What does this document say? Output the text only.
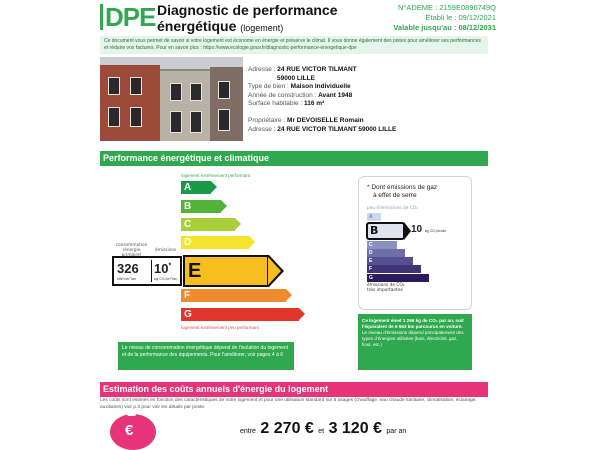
DPE Diagnostic de performance
énergétique (logement)
N°ADEME : 2159E0896749Q
Établi le : 09/12/2021
Valable jusqu'au : 08/12/2031
Ce document vous permet de savoir si votre logement est économe en énergie et préserve le climat. Il vous donne également des pistes pour améliorer ses performances et réduire vos factures. Pour en savoir plus : https://www.ecologie.gouv.fr/diagnostic-performance-energetique-dpe
Adresse : 24 RUE VICTOR TILMANT
59000 LILLE
Type de bien : Maison Individuelle
Année de construction : Avant 1948
Surface habitable : 116 m²
Propriétaire : Mr DEVOISELLE Romain
Adresse : 24 RUE VICTOR TILMANT 59000 LILLE
Performance énergétique et climatique
logement extrêmement performant
A
B
C
D
F
G
consommation (énergie	émissions
326 10*
kWh/m²/an	kg CO₂/m²/an E
logement extrêmement peu performant
Le niveau de consommation énergétique dépend de l'isolation du logement et de la performance des équipements. Pour l'améliorer, voir pages 4 à 6
* Dont émissions de gaz
à effet de serre
peu d'émissions de CO₂
A
C
D
E
F
G
B	10 kg CO₂/m²/an
émissions de CO₂
très importantes
Ce logement émet 1 266 kg de CO₂ par an, soit l'équivalent de 6 562 km parcourus en voiture.
Le niveau d'émissions dépend principalement des types d'énergies utilisées (bois, électricité, gaz, fioul, etc.)
Estimation des coûts annuels d'énergie du logement
Les coûts sont estimés en fonction des caractéristiques de votre logement et pour une utilisation standard sur 5 usages (chauffage, eau chaude sanitaire, climatisation, éclairage, auxiliaires) voir p.3 pour voir les détails par poste.
€	entre 2 270 € et 3 120 € par an
